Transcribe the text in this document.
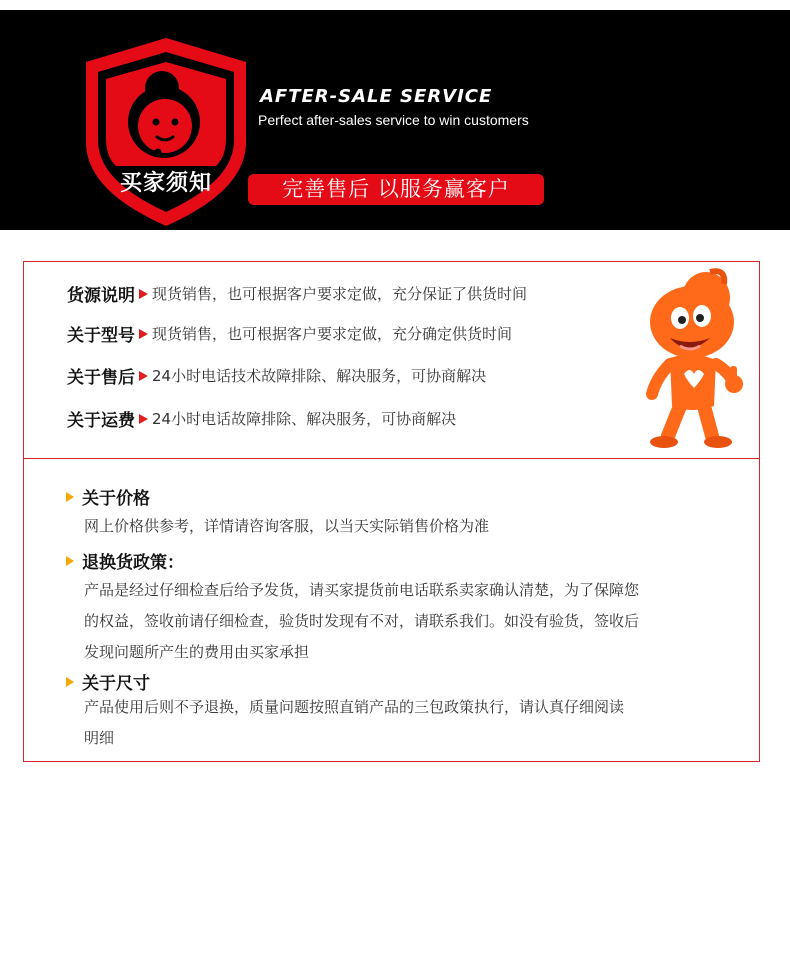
买家须知
AFTER-SALE SERVICE
Perfect after-sales service to win customers
完善售后 以服务赢客户
货源说明 现货销售，也可根据客户要求定做，充分保证了供货时间
关于型号 现货销售，也可根据客户要求定做，充分确定供货时间
关于售后 24小时电话技术故障排除、解决服务，可协商解决
关于运费 24小时电话故障排除、解决服务，可协商解决
关于价格
网上价格供参考，详情请咨询客服，以当天实际销售价格为准
退换货政策：
产品是经过仔细检查后给予发货，请买家提货前电话联系卖家确认清楚，为了保障您
的权益，签收前请仔细检查，验货时发现有不对，请联系我们。如没有验货，签收后
发现问题所产生的费用由买家承担
关于尺寸
产品使用后则不予退换，质量问题按照直销产品的三包政策执行，请认真仔细阅读
明细
